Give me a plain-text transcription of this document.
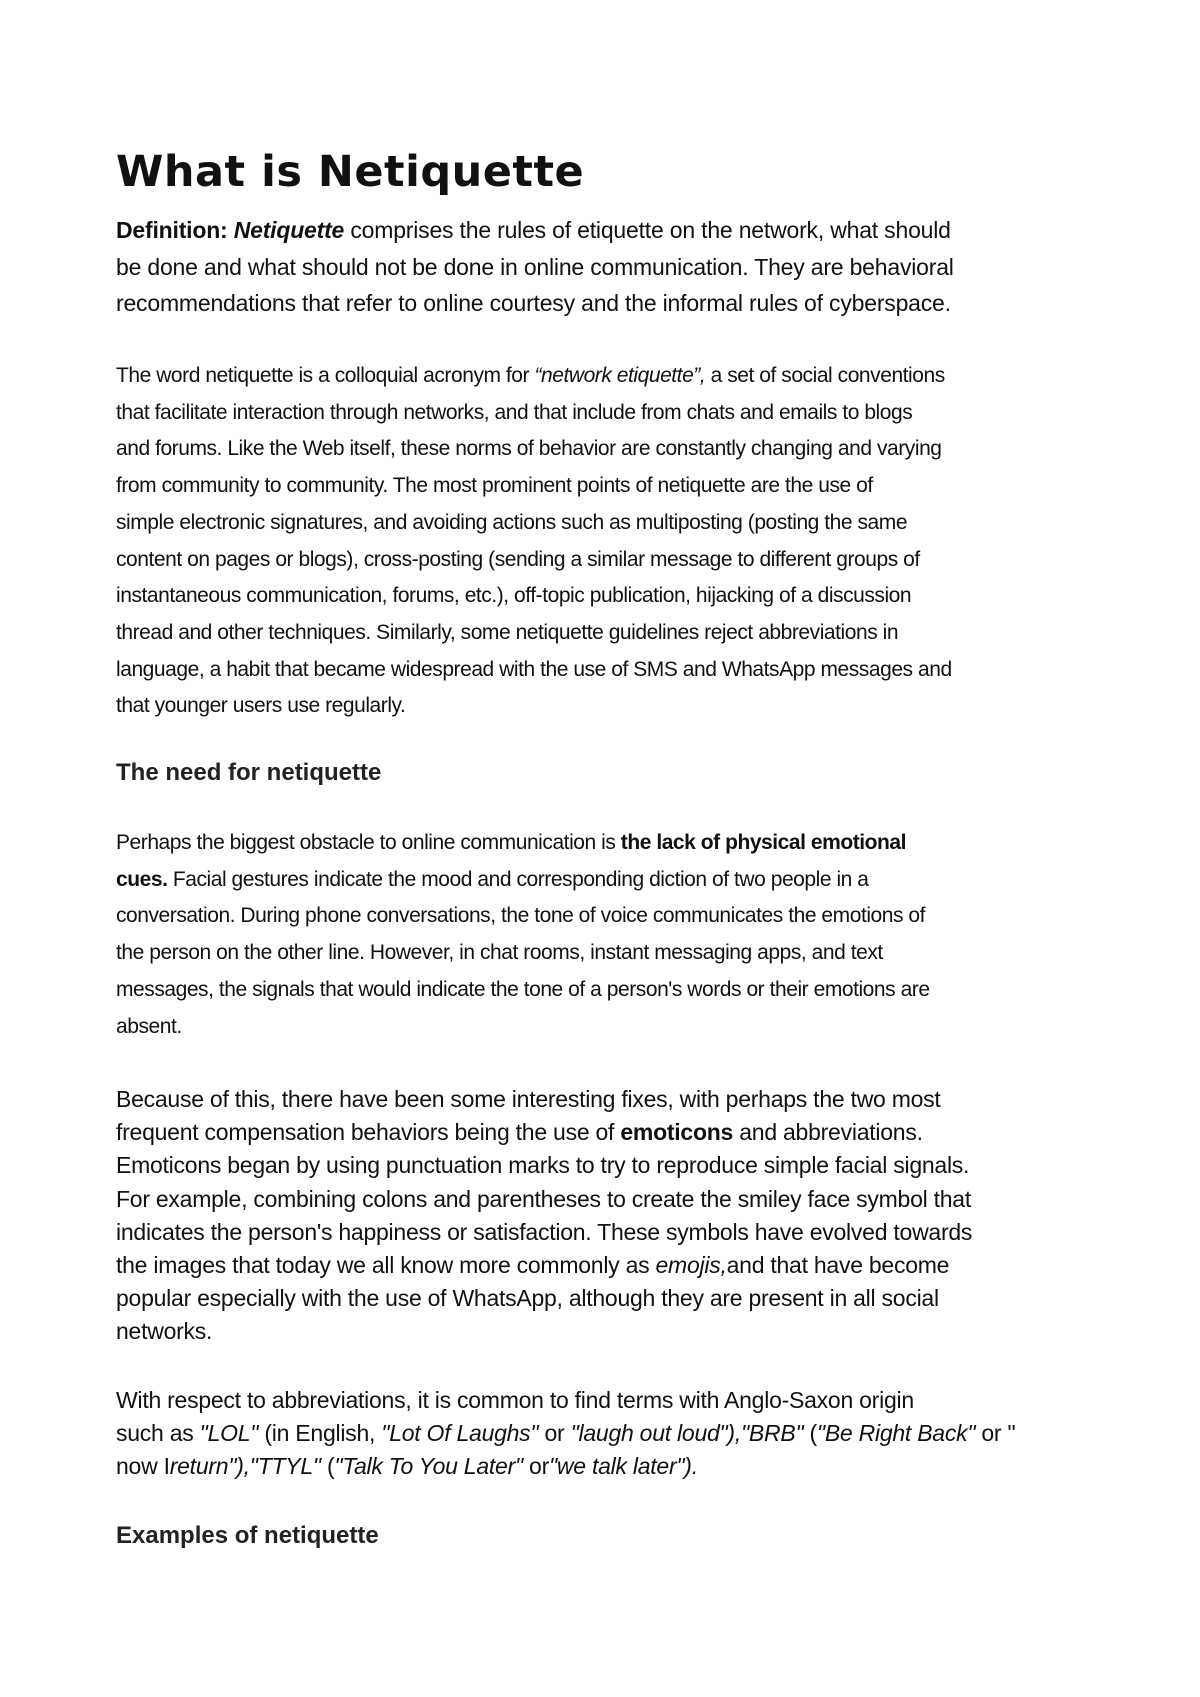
What is Netiquette

Definition: Netiquette comprises the rules of etiquette on the network, what should
be done and what should not be done in online communication. They are behavioral
recommendations that refer to online courtesy and the informal rules of cyberspace.

The word netiquette is a colloquial acronym for “network etiquette”, a set of social conventions
that facilitate interaction through networks, and that include from chats and emails to blogs
and forums. Like the Web itself, these norms of behavior are constantly changing and varying
from community to community. The most prominent points of netiquette are the use of
simple electronic signatures, and avoiding actions such as multiposting (posting the same
content on pages or blogs), cross-posting (sending a similar message to different groups of
instantaneous communication, forums, etc.), off-topic publication, hijacking of a discussion
thread and other techniques. Similarly, some netiquette guidelines reject abbreviations in
language, a habit that became widespread with the use of SMS and WhatsApp messages and
that younger users use regularly.

The need for netiquette

Perhaps the biggest obstacle to online communication is the lack of physical emotional
cues. Facial gestures indicate the mood and corresponding diction of two people in a
conversation. During phone conversations, the tone of voice communicates the emotions of
the person on the other line. However, in chat rooms, instant messaging apps, and text
messages, the signals that would indicate the tone of a person's words or their emotions are
absent.

Because of this, there have been some interesting fixes, with perhaps the two most
frequent compensation behaviors being the use of emoticons and abbreviations.
Emoticons began by using punctuation marks to try to reproduce simple facial signals.
For example, combining colons and parentheses to create the smiley face symbol that
indicates the person's happiness or satisfaction. These symbols have evolved towards
the images that today we all know more commonly as emojis,and that have become
popular especially with the use of WhatsApp, although they are present in all social
networks.

With respect to abbreviations, it is common to find terms with Anglo-Saxon origin
such as "LOL" (in English, "Lot Of Laughs" or "laugh out loud"),"BRB" ("Be Right Back" or "
now Ireturn"),"TTYL" ("Talk To You Later" or"we talk later").

Examples of netiquette
